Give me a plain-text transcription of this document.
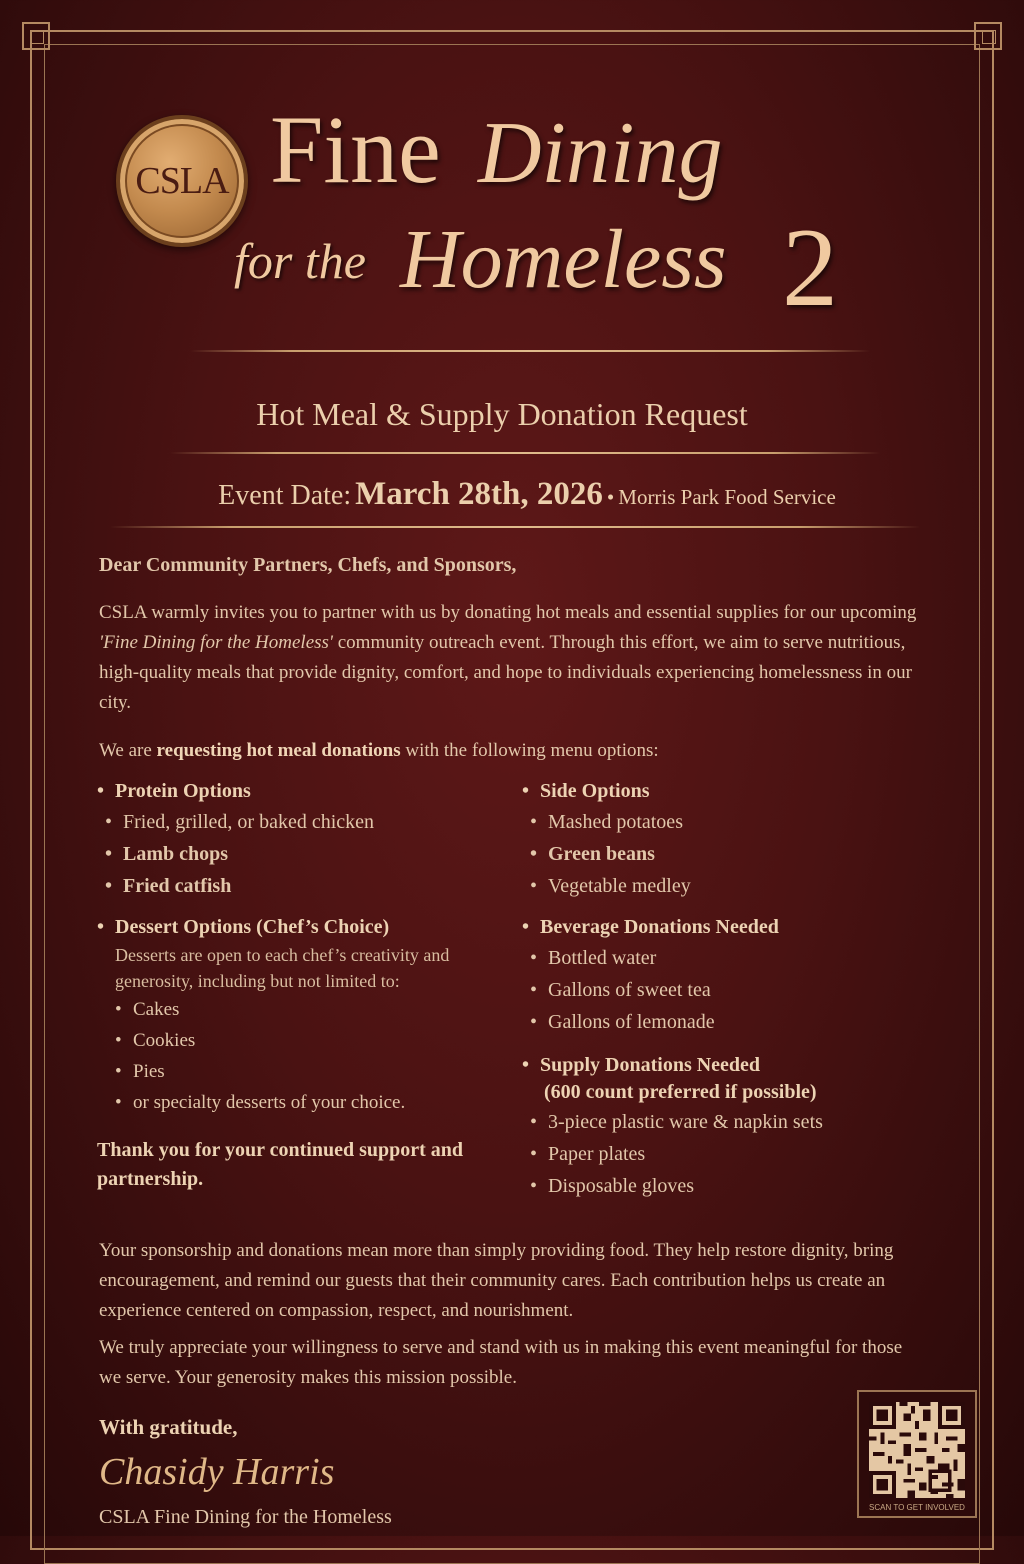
CSLA Fine Dining
for the Homeless 2
Hot Meal & Supply Donation Request
Event Date: March 28th, 2026 • Morris Park Food Service
Dear Community Partners, Chefs, and Sponsors,
CSLA warmly invites you to partner with us by donating hot meals and essential supplies for our upcoming 'Fine Dining for the Homeless' community outreach event. Through this effort, we aim to serve nutritious, high-quality meals that provide dignity, comfort, and hope to individuals experiencing homelessness in our city.
We are requesting hot meal donations with the following menu options:
• Protein Options
• Fried, grilled, or baked chicken
• Lamb chops
• Fried catfish
• Dessert Options (Chef’s Choice)
Desserts are open to each chef’s creativity and generosity, including but not limited to:
• Cakes
• Cookies
• Pies
• or specialty desserts of your choice.
Thank you for your continued support and partnership.
• Side Options
• Mashed potatoes
• Green beans
• Vegetable medley
• Beverage Donations Needed
• Bottled water
• Gallons of sweet tea
• Gallons of lemonade
• Supply Donations Needed
(600 count preferred if possible)
• 3-piece plastic ware & napkin sets
• Paper plates
• Disposable gloves
Your sponsorship and donations mean more than simply providing food. They help restore dignity, bring encouragement, and remind our guests that their community cares. Each contribution helps us create an experience centered on compassion, respect, and nourishment.
We truly appreciate your willingness to serve and stand with us in making this event meaningful for those we serve. Your generosity makes this mission possible.
With gratitude,
Chasidy Harris
CSLA Fine Dining for the Homeless	SCAN TO GET INVOLVED
